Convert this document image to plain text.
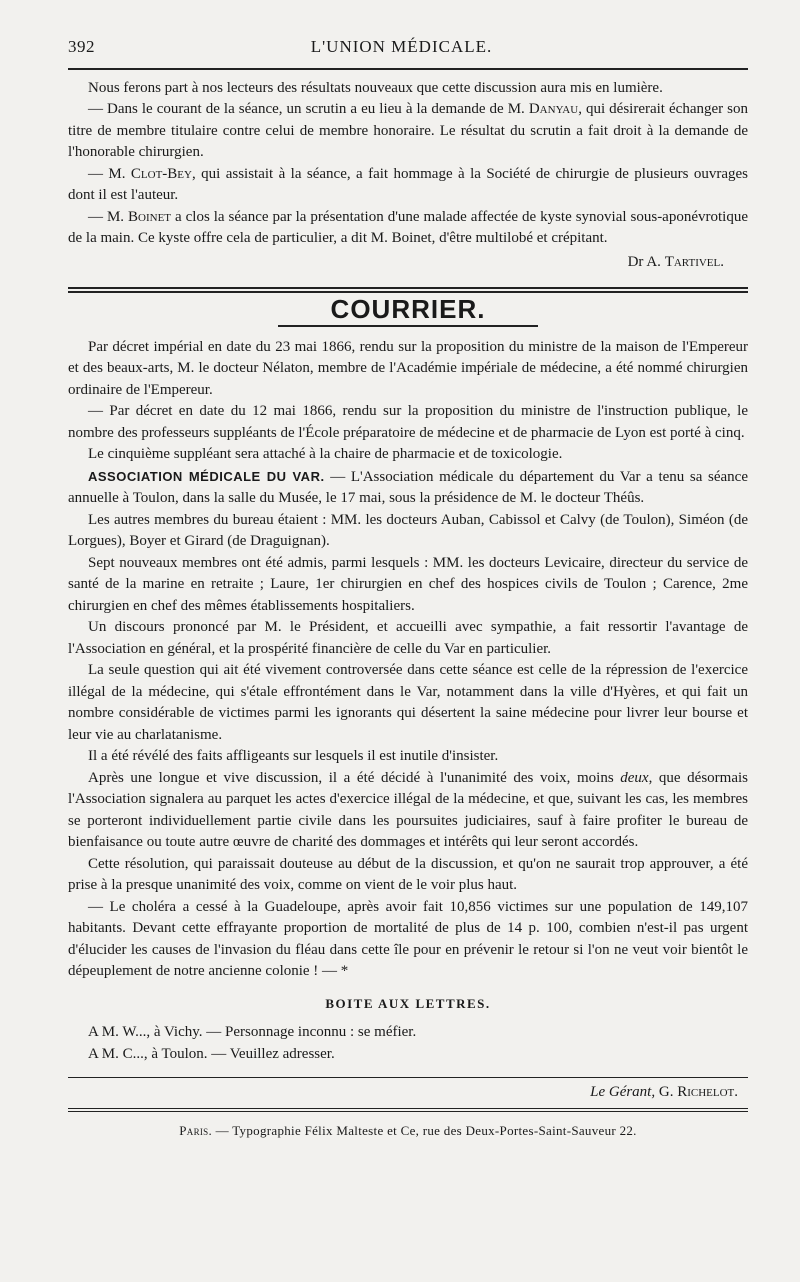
392	L'UNION MÉDICALE.

Nous ferons part à nos lecteurs des résultats nouveaux que cette discussion aura mis en lumière.

— Dans le courant de la séance, un scrutin a eu lieu à la demande de M. Danyau, qui désirerait échanger son titre de membre titulaire contre celui de membre honoraire. Le résultat du scrutin a fait droit à la demande de l'honorable chirurgien.

— M. Clot-Bey, qui assistait à la séance, a fait hommage à la Société de chirurgie de plusieurs ouvrages dont il est l'auteur.

— M. Boinet a clos la séance par la présentation d'une malade affectée de kyste synovial sous-aponévrotique de la main. Ce kyste offre cela de particulier, a dit M. Boinet, d'être multilobé et crépitant.

Dr A. Tartivel.
COURRIER.

Par décret impérial en date du 23 mai 1866, rendu sur la proposition du ministre de la maison de l'Empereur et des beaux-arts, M. le docteur Nélaton, membre de l'Académie impériale de médecine, a été nommé chirurgien ordinaire de l'Empereur.

— Par décret en date du 12 mai 1866, rendu sur la proposition du ministre de l'instruction publique, le nombre des professeurs suppléants de l'École préparatoire de médecine et de pharmacie de Lyon est porté à cinq.

Le cinquième suppléant sera attaché à la chaire de pharmacie et de toxicologie.

ASSOCIATION MÉDICALE DU VAR. — L'Association médicale du département du Var a tenu sa séance annuelle à Toulon, dans la salle du Musée, le 17 mai, sous la présidence de M. le docteur Théûs.

Les autres membres du bureau étaient : MM. les docteurs Auban, Cabissol et Calvy (de Toulon), Siméon (de Lorgues), Boyer et Girard (de Draguignan).

Sept nouveaux membres ont été admis, parmi lesquels : MM. les docteurs Levicaire, directeur du service de santé de la marine en retraite ; Laure, 1er chirurgien en chef des hospices civils de Toulon ; Carence, 2me chirurgien en chef des mêmes établissements hospitaliers.

Un discours prononcé par M. le Président, et accueilli avec sympathie, a fait ressortir l'avantage de l'Association en général, et la prospérité financière de celle du Var en particulier.

La seule question qui ait été vivement controversée dans cette séance est celle de la répression de l'exercice illégal de la médecine, qui s'étale effrontément dans le Var, notamment dans la ville d'Hyères, et qui fait un nombre considérable de victimes parmi les ignorants qui désertent la saine médecine pour livrer leur bourse et leur vie au charlatanisme.

Il a été révélé des faits affligeants sur lesquels il est inutile d'insister.

Après une longue et vive discussion, il a été décidé à l'unanimité des voix, moins deux, que désormais l'Association signalera au parquet les actes d'exercice illégal de la médecine, et que, suivant les cas, les membres se porteront individuellement partie civile dans les poursuites judiciaires, sauf à faire profiter le bureau de bienfaisance ou toute autre œuvre de charité des dommages et intérêts qui leur seront accordés.

Cette résolution, qui paraissait douteuse au début de la discussion, et qu'on ne saurait trop approuver, a été prise à la presque unanimité des voix, comme on vient de le voir plus haut.

— Le choléra a cessé à la Guadeloupe, après avoir fait 10,856 victimes sur une population de 149,107 habitants. Devant cette effrayante proportion de mortalité de plus de 14 p. 100, combien n'est-il pas urgent d'élucider les causes de l'invasion du fléau dans cette île pour en prévenir le retour si l'on ne veut voir bientôt le dépeuplement de notre ancienne colonie ! — *

BOITE AUX LETTRES.
A M. W..., à Vichy. — Personnage inconnu : se méfier.
A M. C..., à Toulon. — Veuillez adresser.
Le Gérant, G. Richelot.
Paris. — Typographie Félix Malteste et Ce, rue des Deux-Portes-Saint-Sauveur 22.
